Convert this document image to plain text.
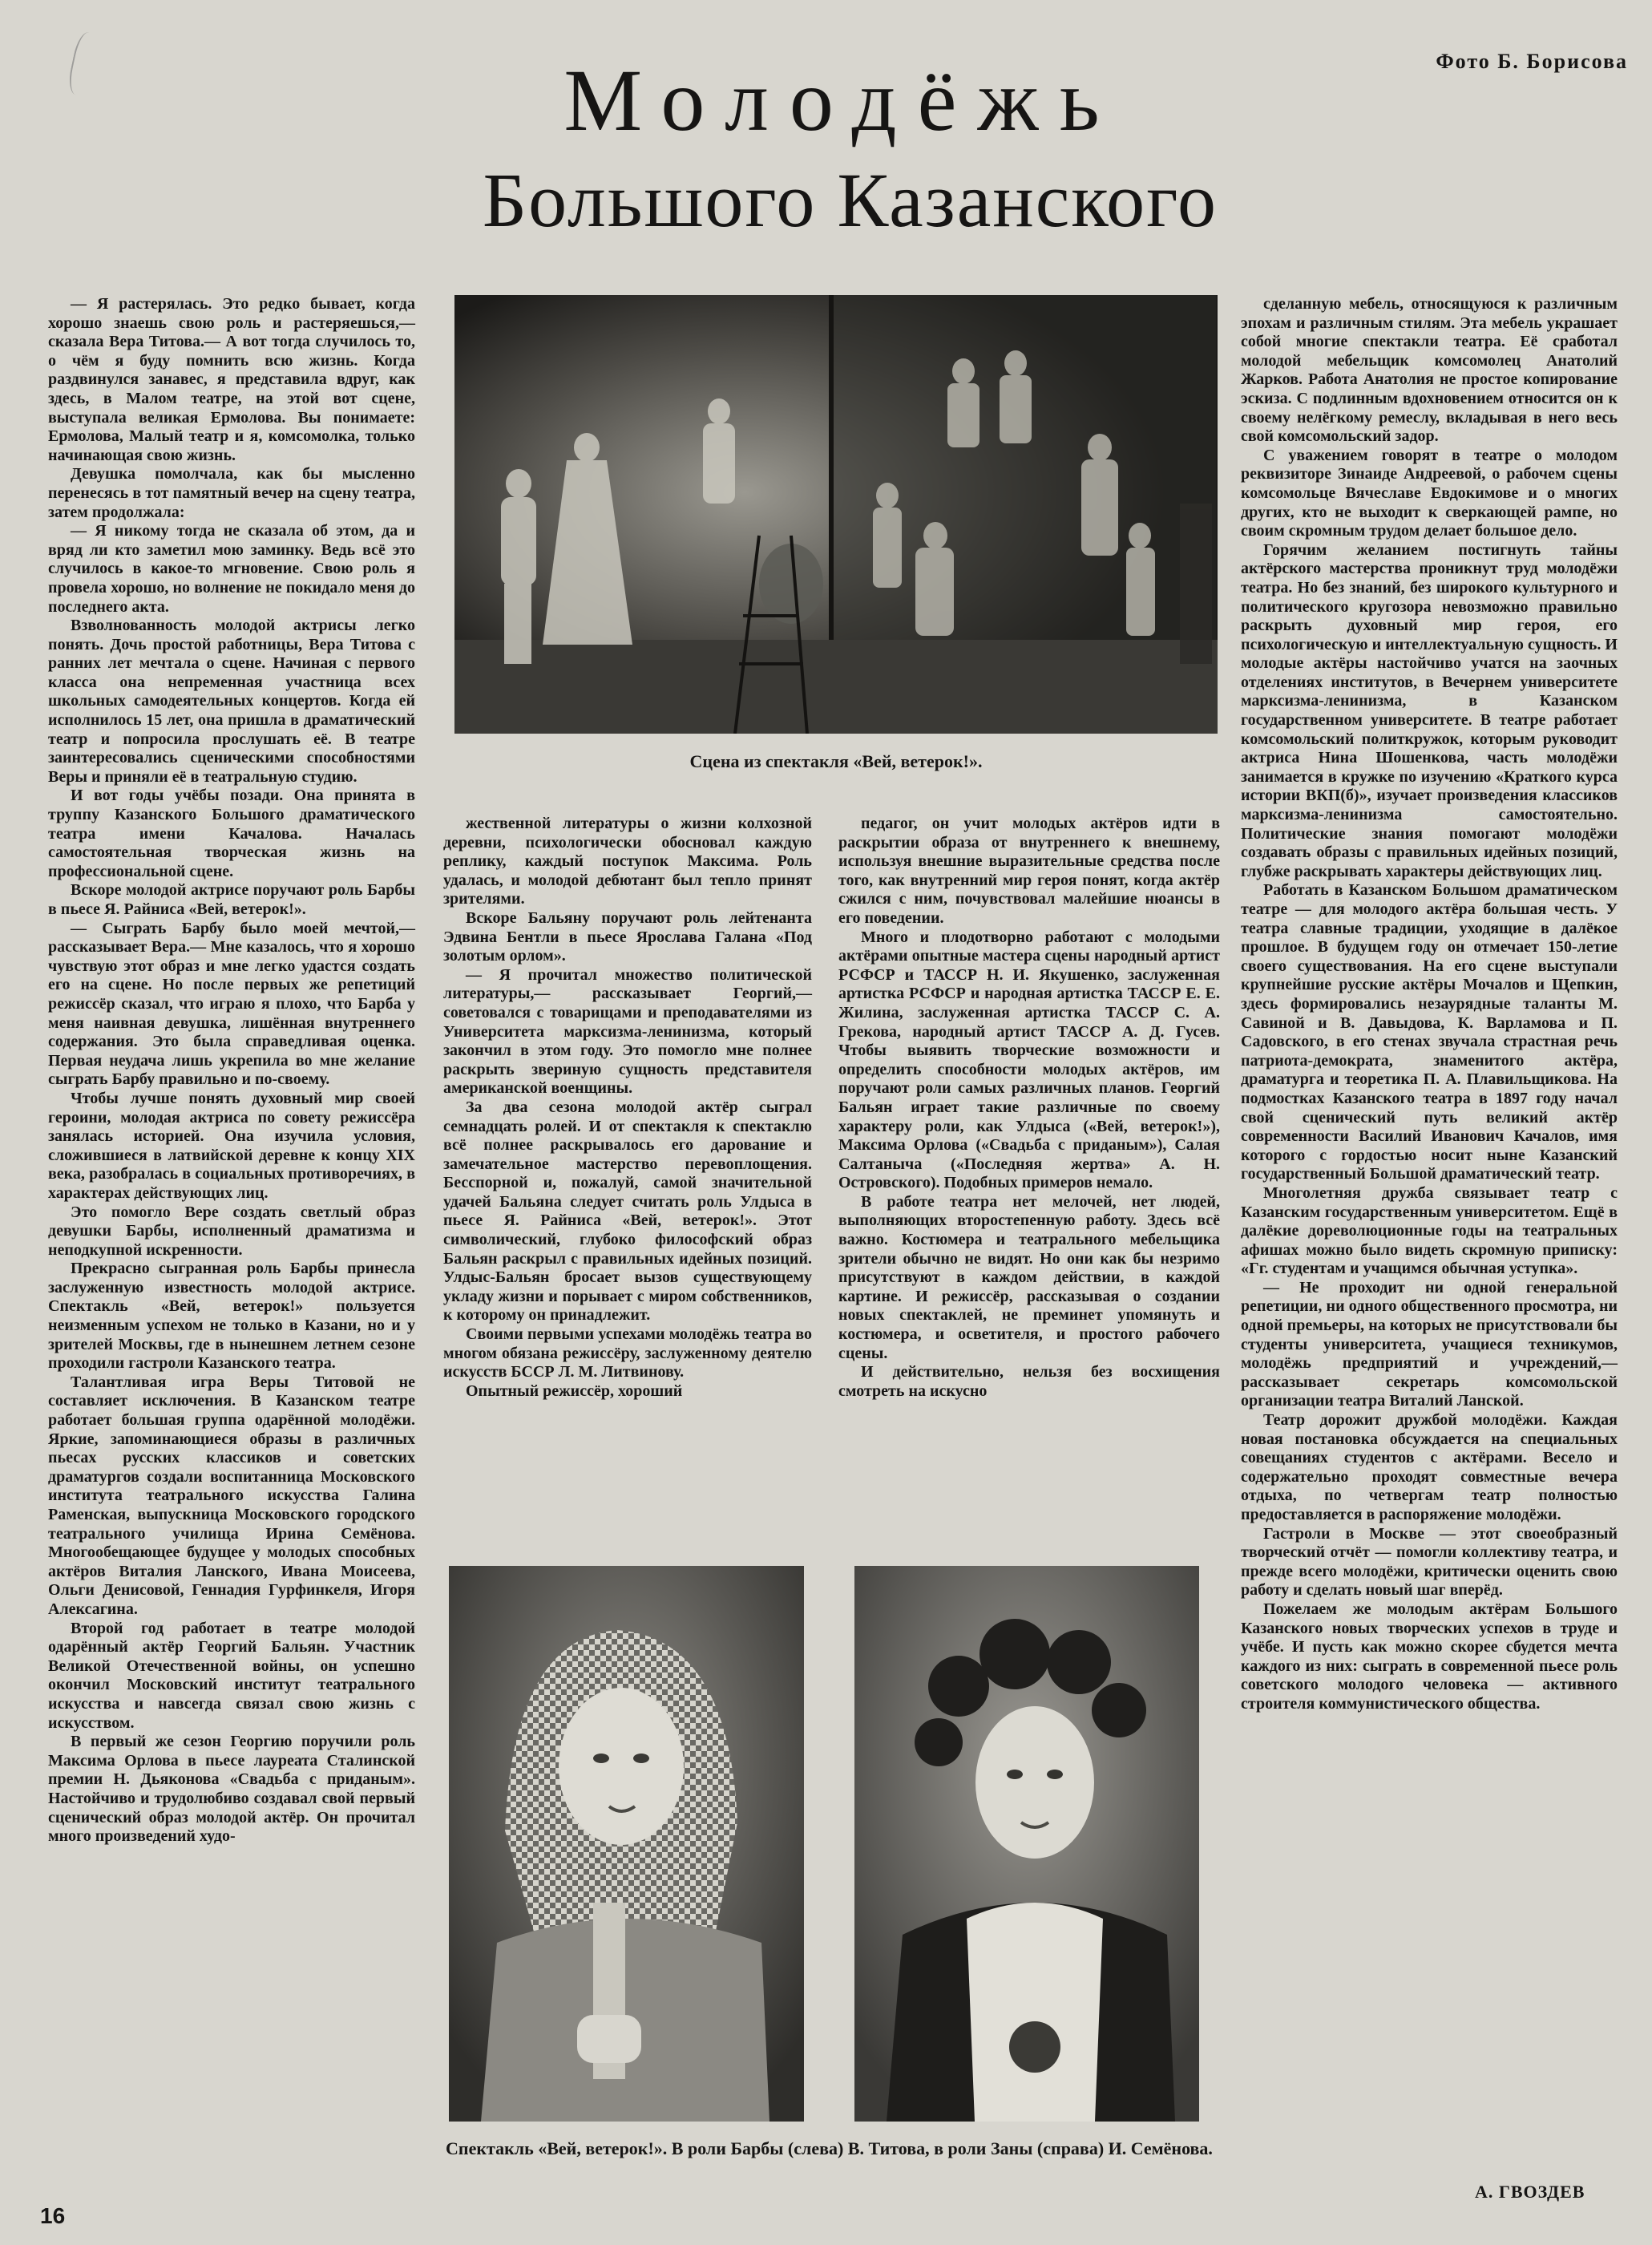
Фото Б. Борисова
Молодёжь
Большого Казанского

— Я растерялась. Это редко бывает, когда хорошо знаешь свою роль и растеряешься,— сказала Вера Титова.— А вот тогда случилось то, о чём я буду помнить всю жизнь. Когда раздвинулся занавес, я представила вдруг, как здесь, в Малом театре, на этой вот сцене, выступала великая Ермолова. Вы понимаете: Ермолова, Малый театр и я, комсомолка, только начинающая свою жизнь.

Девушка помолчала, как бы мысленно перенесясь в тот памятный вечер на сцену театра, затем продолжала:

— Я никому тогда не сказала об этом, да и вряд ли кто заметил мою заминку. Ведь всё это случилось в какое-то мгновение. Свою роль я провела хорошо, но волнение не покидало меня до последнего акта.

Взволнованность молодой актрисы легко понять. Дочь простой работницы, Вера Титова с ранних лет мечтала о сцене. Начиная с первого класса она непременная участница всех школьных самодеятельных концертов. Когда ей исполнилось 15 лет, она пришла в драматический театр и попросила прослушать её. В театре заинтересовались сценическими способностями Веры и приняли её в театральную студию.

И вот годы учёбы позади. Она принята в труппу Казанского Большого драматического театра имени Качалова. Началась самостоятельная творческая жизнь на профессиональной сцене.

Вскоре молодой актрисе поручают роль Барбы в пьесе Я. Райниса «Вей, ветерок!».

— Сыграть Барбу было моей мечтой,— рассказывает Вера.— Мне казалось, что я хорошо чувствую этот образ и мне легко удастся создать его на сцене. Но после первых же репетиций режиссёр сказал, что играю я плохо, что Барба у меня наивная девушка, лишённая внутреннего содержания. Это была справедливая оценка. Первая неудача лишь укрепила во мне желание сыграть Барбу правильно и по-своему.

Чтобы лучше понять духовный мир своей героини, молодая актриса по совету режиссёра занялась историей. Она изучила условия, сложившиеся в латвийской деревне к концу XIX века, разобралась в социальных противоречиях, в характерах действующих лиц.

Это помогло Вере создать светлый образ девушки Барбы, исполненный драматизма и неподкупной искренности.

Прекрасно сыгранная роль Барбы принесла заслуженную известность молодой актрисе. Спектакль «Вей, ветерок!» пользуется неизменным успехом не только в Казани, но и у зрителей Москвы, где в нынешнем летнем сезоне проходили гастроли Казанского театра.

Талантливая игра Веры Титовой не составляет исключения. В Казанском театре работает большая группа одарённой молодёжи. Яркие, запоминающиеся образы в различных пьесах русских классиков и советских драматургов создали воспитанница Московского института театрального искусства Галина Раменская, выпускница Московского городского театрального училища Ирина Семёнова. Многообещающее будущее у молодых способных актёров Виталия Ланского, Ивана Моисеева, Ольги Денисовой, Геннадия Гурфинкеля, Игоря Алексагина.

Второй год работает в театре молодой одарённый актёр Георгий Бальян. Участник Великой Отечественной войны, он успешно окончил Московский институт театрального искусства и навсегда связал свою жизнь с искусством.

В первый же сезон Георгию поручили роль Максима Орлова в пьесе лауреата Сталинской премии Н. Дьяконова «Свадьба с приданым». Настойчиво и трудолюбиво создавал свой первый сценический образ молодой актёр. Он прочитал много произведений худо-

Сцена из спектакля «Вей, ветерок!».

жественной литературы о жизни колхозной деревни, психологически обосновал каждую реплику, каждый поступок Максима. Роль удалась, и молодой дебютант был тепло принят зрителями.

Вскоре Бальяну поручают роль лейтенанта Эдвина Бентли в пьесе Ярослава Галана «Под золотым орлом».

— Я прочитал множество политической литературы,— рассказывает Георгий,— советовался с товарищами и преподавателями из Университета марксизма-ленинизма, который закончил в этом году. Это помогло мне полнее раскрыть звериную сущность представителя американской военщины.

За два сезона молодой актёр сыграл семнадцать ролей. И от спектакля к спектаклю всё полнее раскрывалось его дарование и замечательное мастерство перевоплощения. Бесспорной и, пожалуй, самой значительной удачей Бальяна следует считать роль Улдыса в пьесе Я. Райниса «Вей, ветерок!». Этот символический, глубоко философский образ Бальян раскрыл с правильных идейных позиций. Улдыс-Бальян бросает вызов существующему укладу жизни и порывает с миром собственников, к которому он принадлежит.

Своими первыми успехами молодёжь театра во многом обязана режиссёру, заслуженному деятелю искусств БССР Л. М. Литвинову.

Опытный режиссёр, хороший

педагог, он учит молодых актёров идти в раскрытии образа от внутреннего к внешнему, используя внешние выразительные средства после того, как внутренний мир героя понят, когда актёр сжился с ним, почувствовал малейшие нюансы в его поведении.

Много и плодотворно работают с молодыми актёрами опытные мастера сцены народный артист РСФСР и ТАССР Н. И. Якушенко, заслуженная артистка РСФСР и народная артистка ТАССР Е. Е. Жилина, заслуженная артистка ТАССР С. А. Грекова, народный артист ТАССР А. Д. Гусев. Чтобы выявить творческие возможности и определить способности молодых актёров, им поручают роли самых различных планов. Георгий Бальян играет такие различные по своему характеру роли, как Улдыса («Вей, ветерок!»), Максима Орлова («Свадьба с приданым»), Салая Салтаныча («Последняя жертва» А. Н. Островского). Подобных примеров немало.

В работе театра нет мелочей, нет людей, выполняющих второстепенную работу. Здесь всё важно. Костюмера и театрального мебельщика зрители обычно не видят. Но они как бы незримо присутствуют в каждом действии, в каждой картине. И режиссёр, рассказывая о создании новых спектаклей, не преминет упомянуть и костюмера, и осветителя, и простого рабочего сцены.

И действительно, нельзя без восхищения смотреть на искусно

сделанную мебель, относящуюся к различным эпохам и различным стилям. Эта мебель украшает собой многие спектакли театра. Её сработал молодой мебельщик комсомолец Анатолий Жарков. Работа Анатолия не простое копирование эскиза. С подлинным вдохновением относится он к своему нелёгкому ремеслу, вкладывая в него весь свой комсомольский задор.

С уважением говорят в театре о молодом реквизиторе Зинаиде Андреевой, о рабочем сцены комсомольце Вячеславе Евдокимове и о многих других, кто не выходит к сверкающей рампе, но своим скромным трудом делает большое дело.

Горячим желанием постигнуть тайны актёрского мастерства проникнут труд молодёжи театра. Но без знаний, без широкого культурного и политического кругозора невозможно правильно раскрыть духовный мир героя, его психологическую и интеллектуальную сущность. И молодые актёры настойчиво учатся на заочных отделениях институтов, в Вечернем университете марксизма-ленинизма, в Казанском государственном университете. В театре работает комсомольский политкружок, которым руководит актриса Нина Шошенкова, часть молодёжи занимается в кружке по изучению «Краткого курса истории ВКП(б)», изучает произведения классиков марксизма-ленинизма самостоятельно. Политические знания помогают молодёжи создавать образы с правильных идейных позиций, глубже раскрывать характеры действующих лиц.

Работать в Казанском Большом драматическом театре — для молодого актёра большая честь. У театра славные традиции, уходящие в далёкое прошлое. В будущем году он отмечает 150-летие своего существования. На его сцене выступали крупнейшие русские актёры Мочалов и Щепкин, здесь формировались незаурядные таланты М. Савиной и В. Давыдова, К. Варламова и П. Садовского, в его стенах звучала страстная речь патриота-демократа, знаменитого актёра, драматурга и теоретика П. А. Плавильщикова. На подмостках Казанского театра в 1897 году начал свой сценический путь великий актёр современности Василий Иванович Качалов, имя которого с гордостью носит ныне Казанский государственный Большой драматический театр.

Многолетняя дружба связывает театр с Казанским государственным университетом. Ещё в далёкие дореволюционные годы на театральных афишах можно было видеть скромную приписку: «Гг. студентам и учащимся обычная уступка».

— Не проходит ни одной генеральной репетиции, ни одного общественного просмотра, ни одной премьеры, на которых не присутствовали бы студенты университета, учащиеся техникумов, молодёжь предприятий и учреждений,— рассказывает секретарь комсомольской организации театра Виталий Ланской.

Театр дорожит дружбой молодёжи. Каждая новая постановка обсуждается на специальных совещаниях студентов с актёрами. Весело и содержательно проходят совместные вечера отдыха, по четвергам театр полностью предоставляется в распоряжение молодёжи.

Гастроли в Москве — этот своеобразный творческий отчёт — помогли коллективу театра, и прежде всего молодёжи, критически оценить свою работу и сделать новый шаг вперёд.

Пожелаем же молодым актёрам Большого Казанского новых творческих успехов в труде и учёбе. И пусть как можно скорее сбудется мечта каждого из них: сыграть в современной пьесе роль советского молодого человека — активного строителя коммунистического общества.

Спектакль «Вей, ветерок!». В роли Барбы (слева) В. Титова, в роли Заны (справа) И. Семёнова.
А. ГВОЗДЕВ
16
